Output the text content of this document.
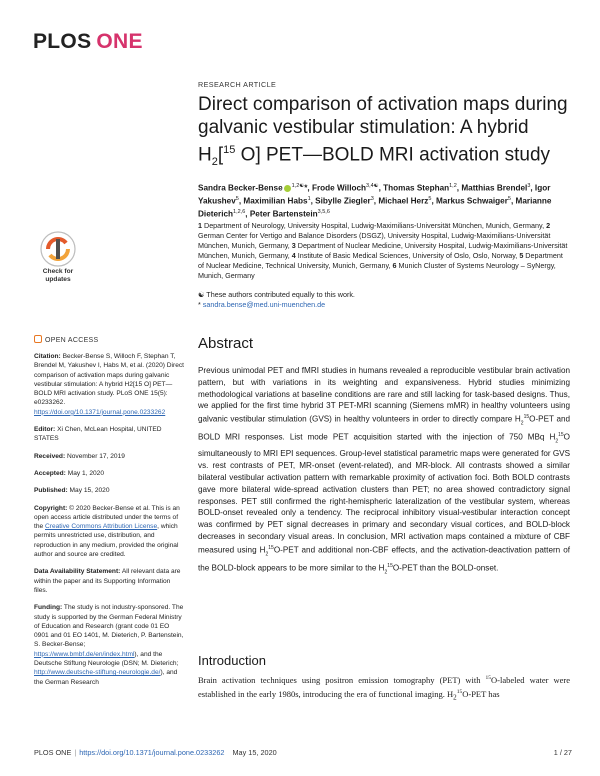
PLOS ONE
RESEARCH ARTICLE
Direct comparison of activation maps during
galvanic vestibular stimulation: A hybrid
$H_2[^{15}$ O] PET—BOLD MRI activation study
Sandra Becker-Bense $^{1,2☯}$*, Frode Willoch$^{3,4☯}$, Thomas Stephan$^{1,2}$, Matthias Brendel$^3$, Igor Yakushev$^5$, Maximilian Habs$^1$, Sibylle Ziegler$^3$, Michael Herz$^5$, Markus Schwaiger$^5$, Marianne Dieterich$^{1,2,6}$, Peter Bartenstein$^{3,5,6}$
1 Department of Neurology, University Hospital, Ludwig-Maximilians-Universität München, Munich, Germany, 2 German Center for Vertigo and Balance Disorders (DSGZ), University Hospital, Ludwig-Maximilians-Universität München, Munich, Germany, 3 Department of Nuclear Medicine, University Hospital, Ludwig-Maximilians-Universität München, Munich, Germany, 4 Institute of Basic Medical Sciences, University of Oslo, Oslo, Norway, 5 Department of Nuclear Medicine, Technical University, Munich, Germany, 6 Munich Cluster of Systems Neurology – SyNergy, Munich, Germany
☯ These authors contributed equally to this work.
* sandra.bense@med.uni-muenchen.de
Check for
updates
OPEN ACCESS

Citation: Becker-Bense S, Willoch F, Stephan T, Brendel M, Yakushev I, Habs M, et al. (2020) Direct comparison of activation maps during galvanic vestibular stimulation: A hybrid H2[15 O] PET—BOLD MRI activation study. PLoS ONE 15(5): e0233262. https://doi.org/10.1371/journal.pone.0233262

Editor: Xi Chen, McLean Hospital, UNITED STATES

Received: November 17, 2019

Accepted: May 1, 2020

Published: May 15, 2020

Copyright: © 2020 Becker-Bense et al. This is an open access article distributed under the terms of the Creative Commons Attribution License, which permits unrestricted use, distribution, and reproduction in any medium, provided the original author and source are credited.

Data Availability Statement: All relevant data are within the paper and its Supporting Information files.

Funding: The study is not industry-sponsored. The study is supported by the German Federal Ministry of Education and Research (grant code 01 EO 0901 and 01 EO 1401, M. Dieterich, P. Bartenstein, S. Becker-Bense; https://www.bmbf.de/en/index.html), and the Deutsche Stiftung Neurologie (DSN; M. Dieterich; http://www.deutsche-stiftung-neurologie.de/), and the German Research

Abstract
Previous unimodal PET and fMRI studies in humans revealed a reproducible vestibular brain activation pattern, but with variations in its weighting and expansiveness. Hybrid studies minimizing methodological variations at baseline conditions are rare and still lacking for task-based designs. Thus, we applied for the first time hybrid 3T PET-MRI scanning (Siemens mMR) in healthy volunteers using galvanic vestibular stimulation (GVS) in healthy volunteers in order to directly compare $H_2^{15}O$-PET and BOLD MRI responses. List mode PET acquisition started with the injection of 750 MBq $H_2^{15}O$ simultaneously to MRI EPI sequences. Group-level statistical parametric maps were generated for GVS vs. rest contrasts of PET, MR-onset (event-related), and MR-block. All contrasts showed a similar bilateral vestibular activation pattern with remarkable proximity of activation foci. Both BOLD contrasts gave more bilateral wide-spread activation clusters than PET; no area showed contradictory signal responses. PET still confirmed the right-hemispheric lateralization of the vestibular system, whereas BOLD-onset revealed only a tendency. The reciprocal inhibitory visual-vestibular interaction concept was confirmed by PET signal decreases in primary and secondary visual cortices, and BOLD-block decreases in secondary visual areas. In conclusion, MRI activation maps contained a mixture of CBF measured using $H_2^{15}O$-PET and additional non-CBF effects, and the activation-deactivation pattern of the BOLD-block appears to be more similar to the $H_2^{15}O$-PET than the BOLD-onset.
Introduction
Brain activation techniques using positron emission tomography (PET) with $^{15}$O-labeled water were established in the early 1980s, introducing the era of functional imaging. $H_2^{15}O$-PET has
PLOS ONE | https://doi.org/10.1371/journal.pone.0233262 May 15, 2020	1 / 27
